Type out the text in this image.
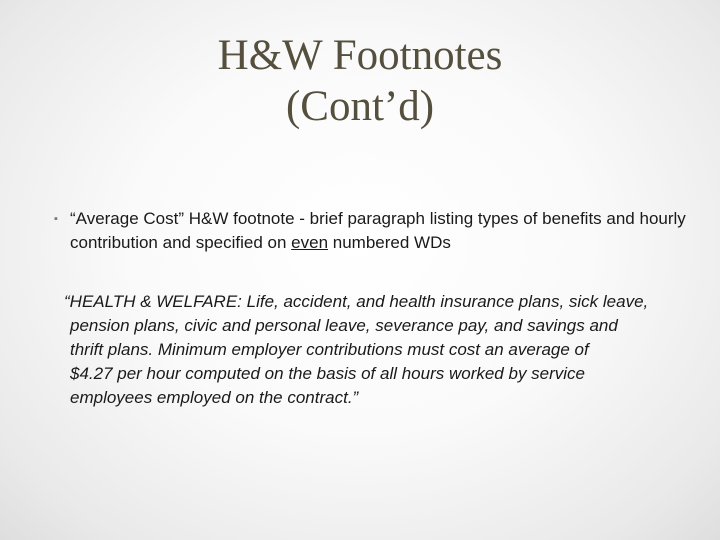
H&W Footnotes
(Cont’d)
▪ “Average Cost” H&W footnote - brief paragraph listing types of benefits and hourly contribution and specified on even numbered WDs
“HEALTH & WELFARE: Life, accident, and health insurance plans, sick leave,
pension plans, civic and personal leave, severance pay, and savings and
thrift plans. Minimum employer contributions must cost an average of
$4.27 per hour computed on the basis of all hours worked by service
employees employed on the contract.”
